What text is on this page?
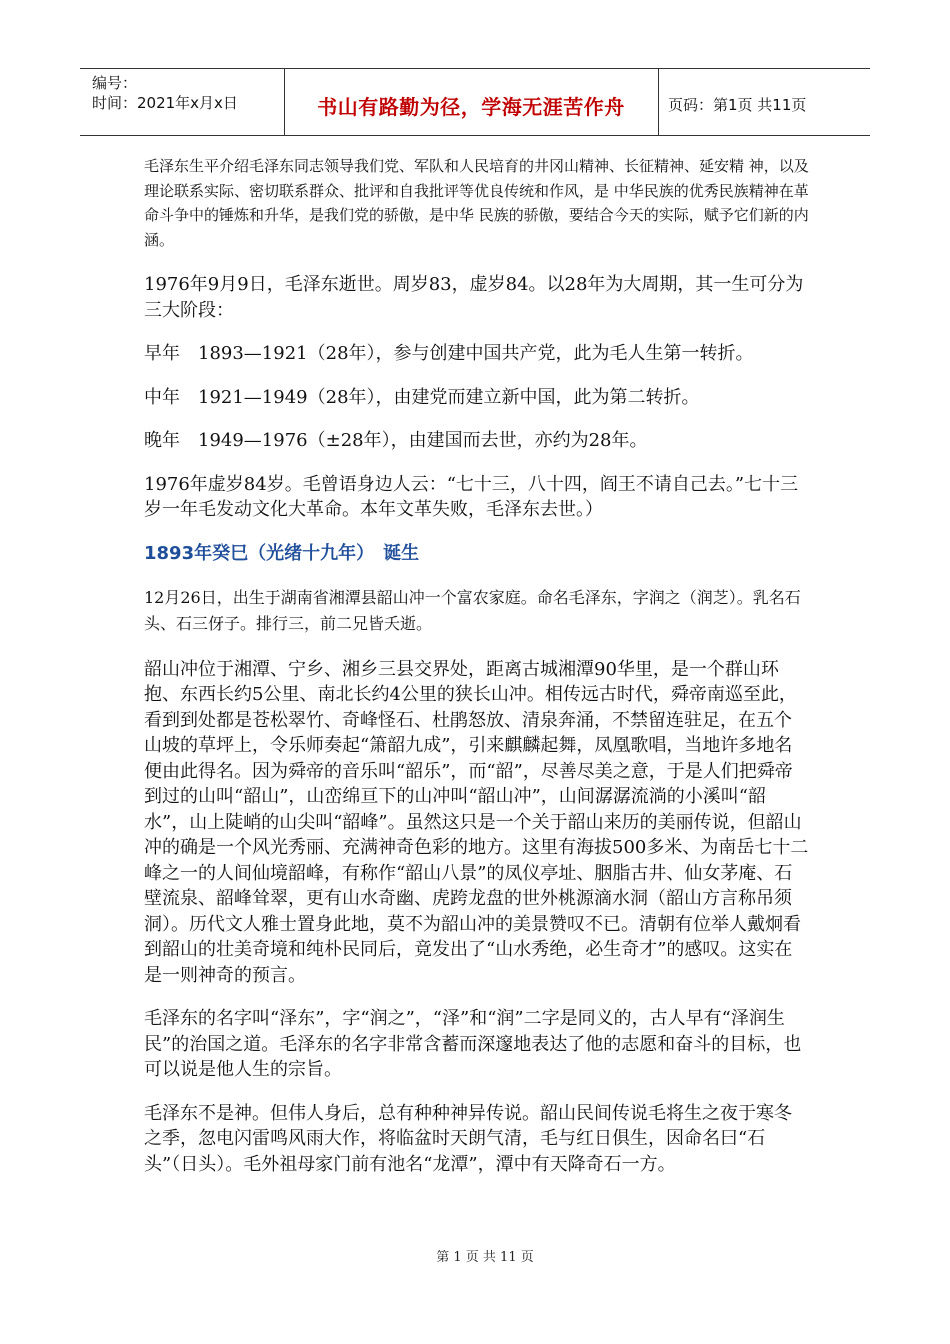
编号：
时间：2021年x月x日	书山有路勤为径，学海无涯苦作舟	页码：第1页 共11页

毛泽东生平介绍毛泽东同志领导我们党、军队和人民培育的井冈山精神、长征精神、延安精 神，以及理论联系实际、密切联系群众、批评和自我批评等优良传统和作风，是 中华民族的优秀民族精神在革命斗争中的锤炼和升华，是我们党的骄傲，是中华 民族的骄傲，要结合今天的实际，赋予它们新的内涵。

1976年9月9日，毛泽东逝世。周岁83，虚岁84。以28年为大周期，其一生可分为三大阶段：

早年　1893—1921（28年），参与创建中国共产党，此为毛人生第一转折。

中年　1921—1949（28年），由建党而建立新中国，此为第二转折。

晚年　1949—1976（±28年），由建国而去世，亦约为28年。

1976年虚岁84岁。毛曾语身边人云：“七十三，八十四，阎王不请自己去。”七十三岁一年毛发动文化大革命。本年文革失败，毛泽东去世。）

1893年癸巳（光绪十九年）　诞生

12月26日，出生于湖南省湘潭县韶山冲一个富农家庭。命名毛泽东，字润之（润芝）。乳名石头、石三伢子。排行三，前二兄皆夭逝。

韶山冲位于湘潭、宁乡、湘乡三县交界处，距离古城湘潭90华里，是一个群山环抱、东西长约5公里、南北长约4公里的狭长山冲。相传远古时代，舜帝南巡至此，看到到处都是苍松翠竹、奇峰怪石、杜鹃怒放、清泉奔涌，不禁留连驻足，在五个山坡的草坪上，令乐师奏起“箫韶九成”，引来麒麟起舞，凤凰歌唱，当地许多地名便由此得名。因为舜帝的音乐叫“韶乐”，而“韶”，尽善尽美之意，于是人们把舜帝到过的山叫“韶山”，山峦绵亘下的山冲叫“韶山冲”，山间潺潺流淌的小溪叫“韶水”，山上陡峭的山尖叫“韶峰”。虽然这只是一个关于韶山来历的美丽传说，但韶山冲的确是一个风光秀丽、充满神奇色彩的地方。这里有海拔500多米、为南岳七十二峰之一的人间仙境韶峰，有称作“韶山八景”的凤仪亭址、胭脂古井、仙女茅庵、石壁流泉、韶峰耸翠，更有山水奇幽、虎跨龙盘的世外桃源滴水洞（韶山方言称吊须洞）。历代文人雅士置身此地，莫不为韶山冲的美景赞叹不已。清朝有位举人戴炯看到韶山的壮美奇境和纯朴民同后，竟发出了“山水秀绝，必生奇才”的感叹。这实在是一则神奇的预言。

毛泽东的名字叫“泽东”，字“润之”，“泽”和“润”二字是同义的，古人早有“泽润生民”的治国之道。毛泽东的名字非常含蓄而深邃地表达了他的志愿和奋斗的目标，也可以说是他人生的宗旨。

毛泽东不是神。但伟人身后，总有种种神异传说。韶山民间传说毛将生之夜于寒冬之季，忽电闪雷鸣风雨大作，将临盆时天朗气清，毛与红日俱生，因命名曰“石头”（日头）。毛外祖母家门前有池名“龙潭”，潭中有天降奇石一方。

第 1 页 共 11 页
